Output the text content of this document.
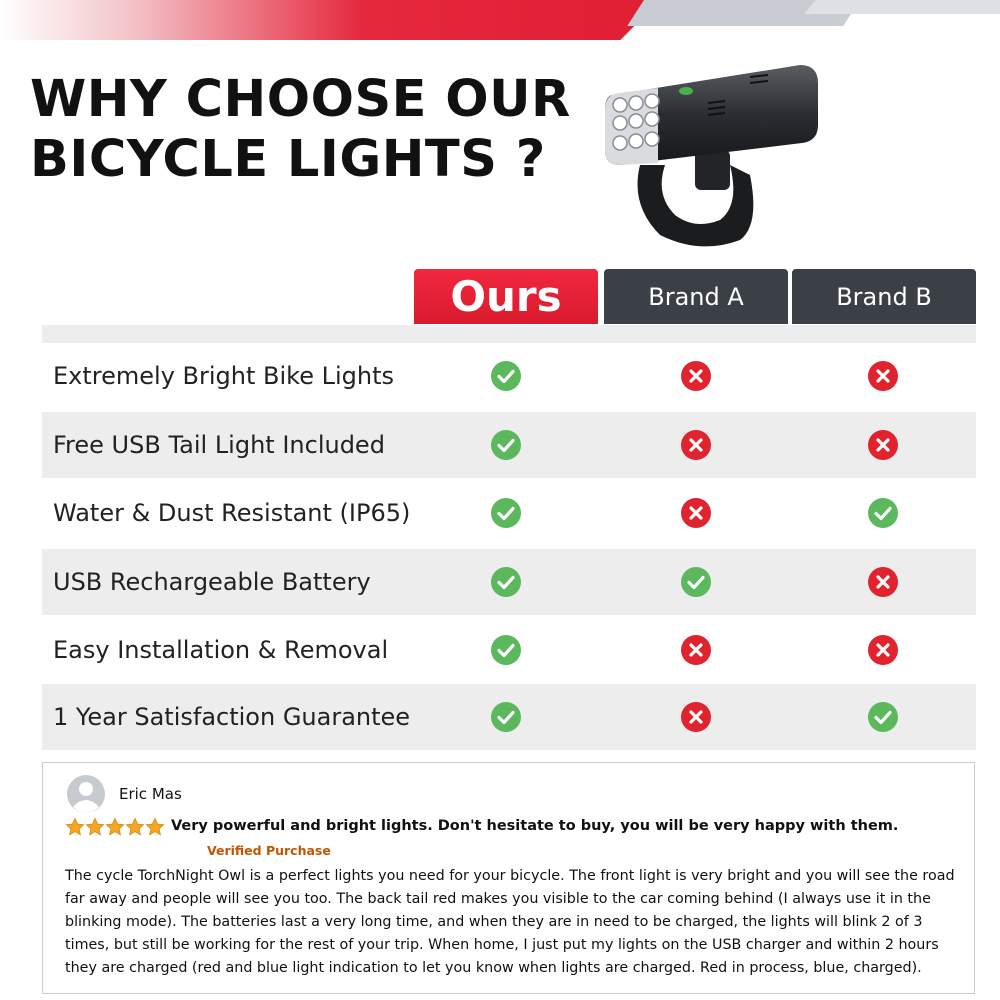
WHY CHOOSE OUR
BICYCLE LIGHTS ?
Ours	Brand A	Brand B
Extremely Bright Bike Lights
Free USB Tail Light Included
Water & Dust Resistant (IP65)
USB Rechargeable Battery
Easy Installation & Removal
1 Year Satisfaction Guarantee
Eric Mas
Very powerful and bright lights. Don't hesitate to buy, you will be very happy with them.
Verified Purchase

The cycle TorchNight Owl is a perfect lights you need for your bicycle. The front light is very bright and you will see the road far away and people will see you too. The back tail red makes you visible to the car coming behind (I always use it in the blinking mode). The batteries last a very long time, and when they are in need to be charged, the lights will blink 2 of 3 times, but still be working for the rest of your trip. When home, I just put my lights on the USB charger and within 2 hours they are charged (red and blue light indication to let you know when lights are charged. Red in process, blue, charged).
